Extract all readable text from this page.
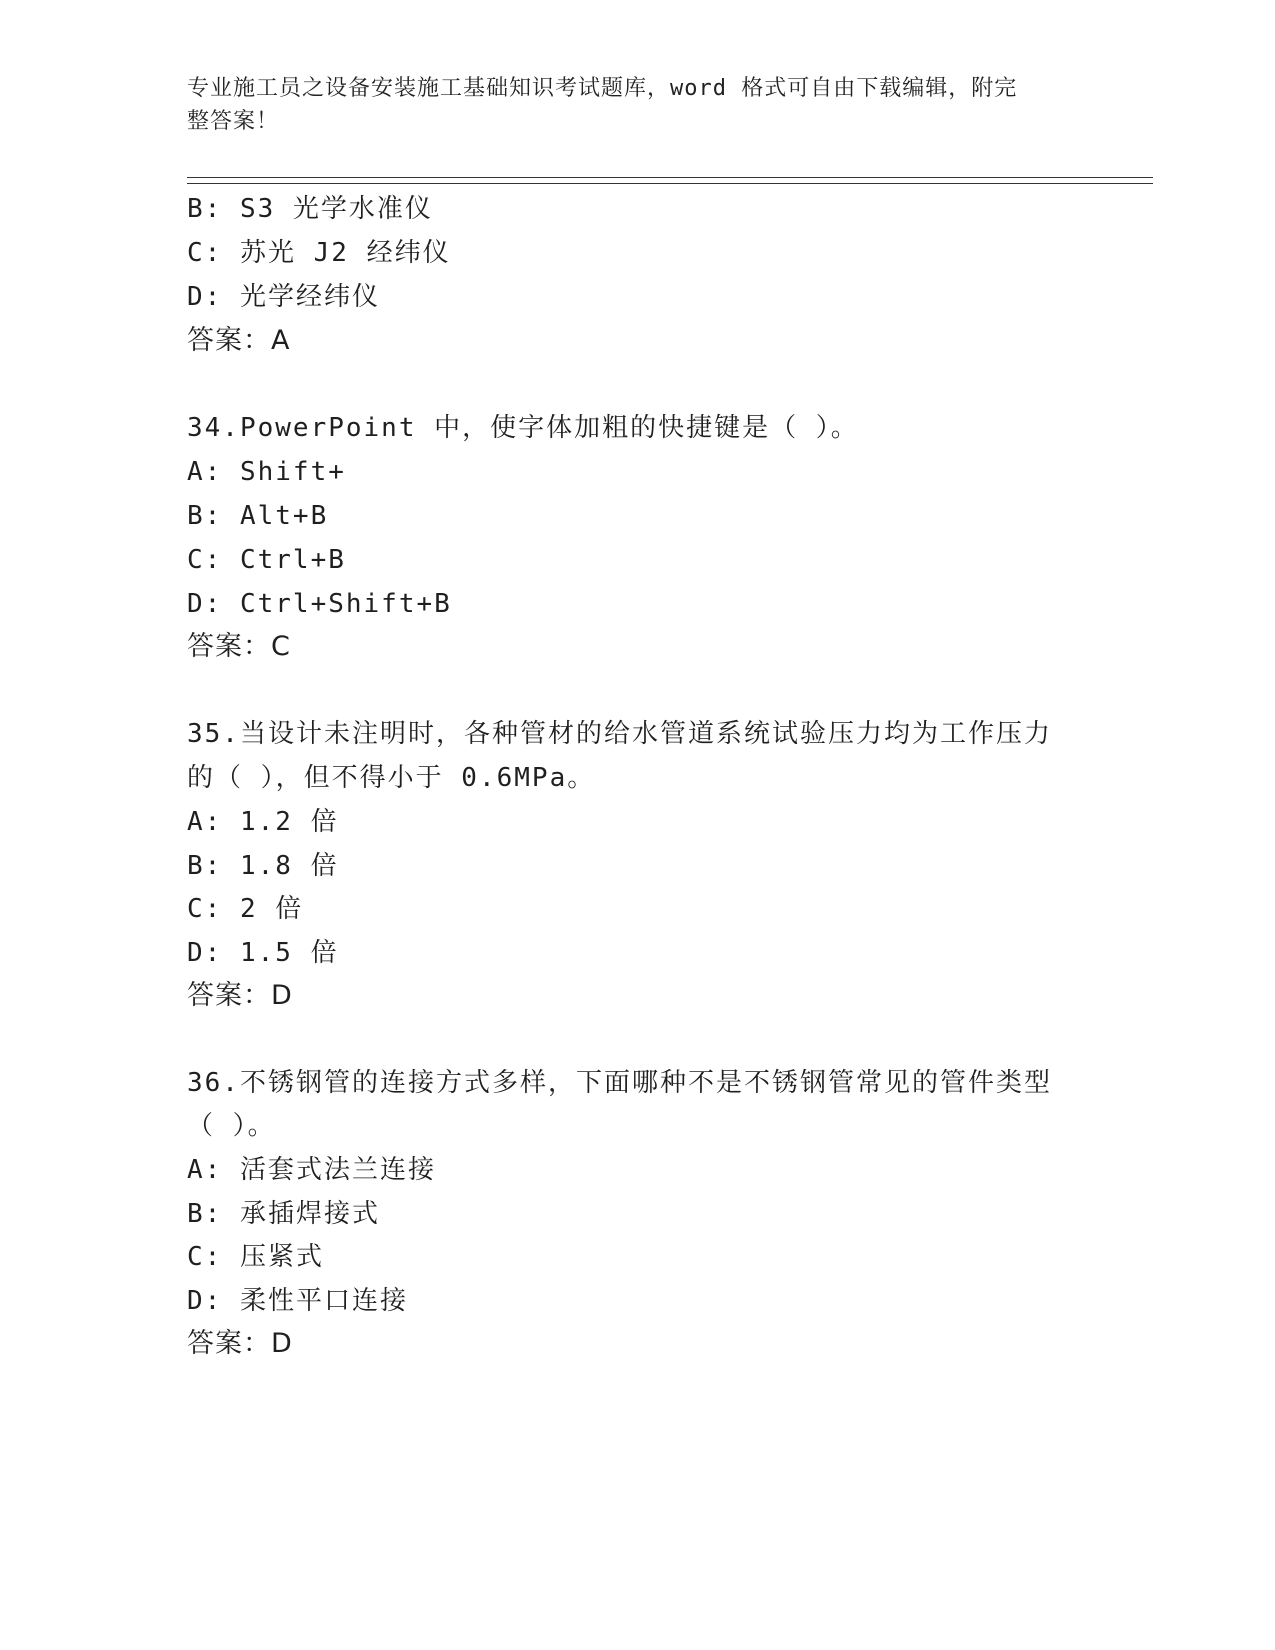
专业施工员之设备安装施工基础知识考试题库，word 格式可自由下载编辑，附完
整答案！
B: S3 光学水准仪
C: 苏光 J2 经纬仪
D: 光学经纬仪
答案：A
34.PowerPoint 中，使字体加粗的快捷键是（ ）。
A: Shift+
B: Alt+B
C: Ctrl+B
D: Ctrl+Shift+B
答案：C
35.当设计未注明时，各种管材的给水管道系统试验压力均为工作压力
的（ ），但不得小于 0.6MPa。
A: 1.2 倍
B: 1.8 倍
C: 2 倍
D: 1.5 倍
答案：D
36.不锈钢管的连接方式多样，下面哪种不是不锈钢管常见的管件类型
（ ）。
A: 活套式法兰连接
B: 承插焊接式
C: 压紧式
D: 柔性平口连接
答案：D
